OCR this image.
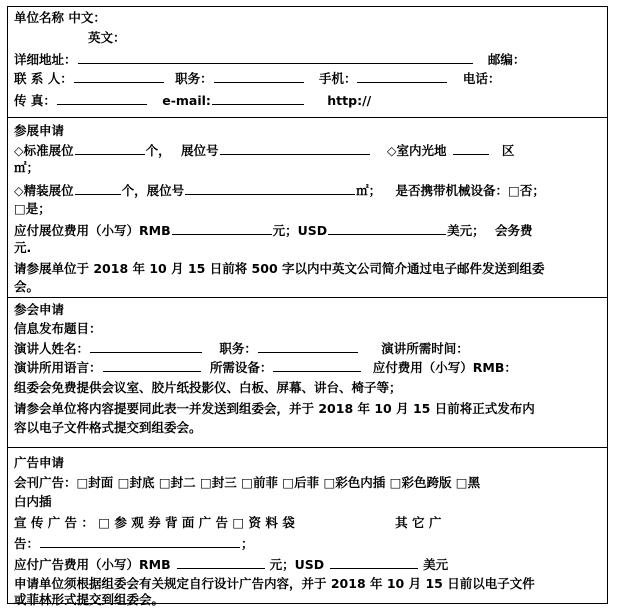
单位名称 中文：
英文：
详细地址：	邮编：
联 系 人：	职务：	手机：	电话：
传 真：	e-mail:	http://
参展申请
◇标准展位	个， 展位号	◇室内光地	区
㎡；
◇精装展位	个，展位号	㎡； 是否携带机械设备：□否；
□是；
应付展位费用（小写）RMB	元；USD	美元； 会务费
元.
请参展单位于 2018 年 10 月 15 日前将 500 字以内中英文公司简介通过电子邮件发送到组委
会。
参会申请
信息发布题目：
演讲人姓名：	职务：	演讲所需时间：
演讲所用语言：	所需设备：	应付费用（小写）RMB：
组委会免费提供会议室、胶片纸投影仪、白板、屏幕、讲台、椅子等；
请参会单位将内容提要同此表一并发送到组委会，并于 2018 年 10 月 15 日前将正式发布内
容以电子文件格式提交到组委会。
广告申请
会刊广告：□封面 □封底 □封二 □封三 □前菲 □后菲 □彩色内插 □彩色跨版 □黑
白内插
宣 传 广 告 ： □ 参 观 券 背 面 广 告 □ 资 料 袋	其 它 广
告：	；
应付广告费用（小写）RMB	元；USD	美元
申请单位须根据组委会有关规定自行设计广告内容，并于 2018 年 10 月 15 日前以电子文件
或菲林形式提交到组委会。
